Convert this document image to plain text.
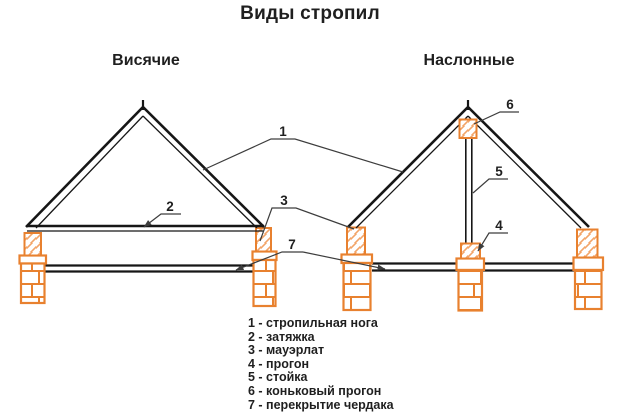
Виды стропил
Висячие	Наслонные
1
2	3
7
4
5
6
1 - стропильная нога
2 - затяжка
3 - мауэрлат
4 - прогон
5 - стойка
6 - коньковый прогон
7 - перекрытие чердака
